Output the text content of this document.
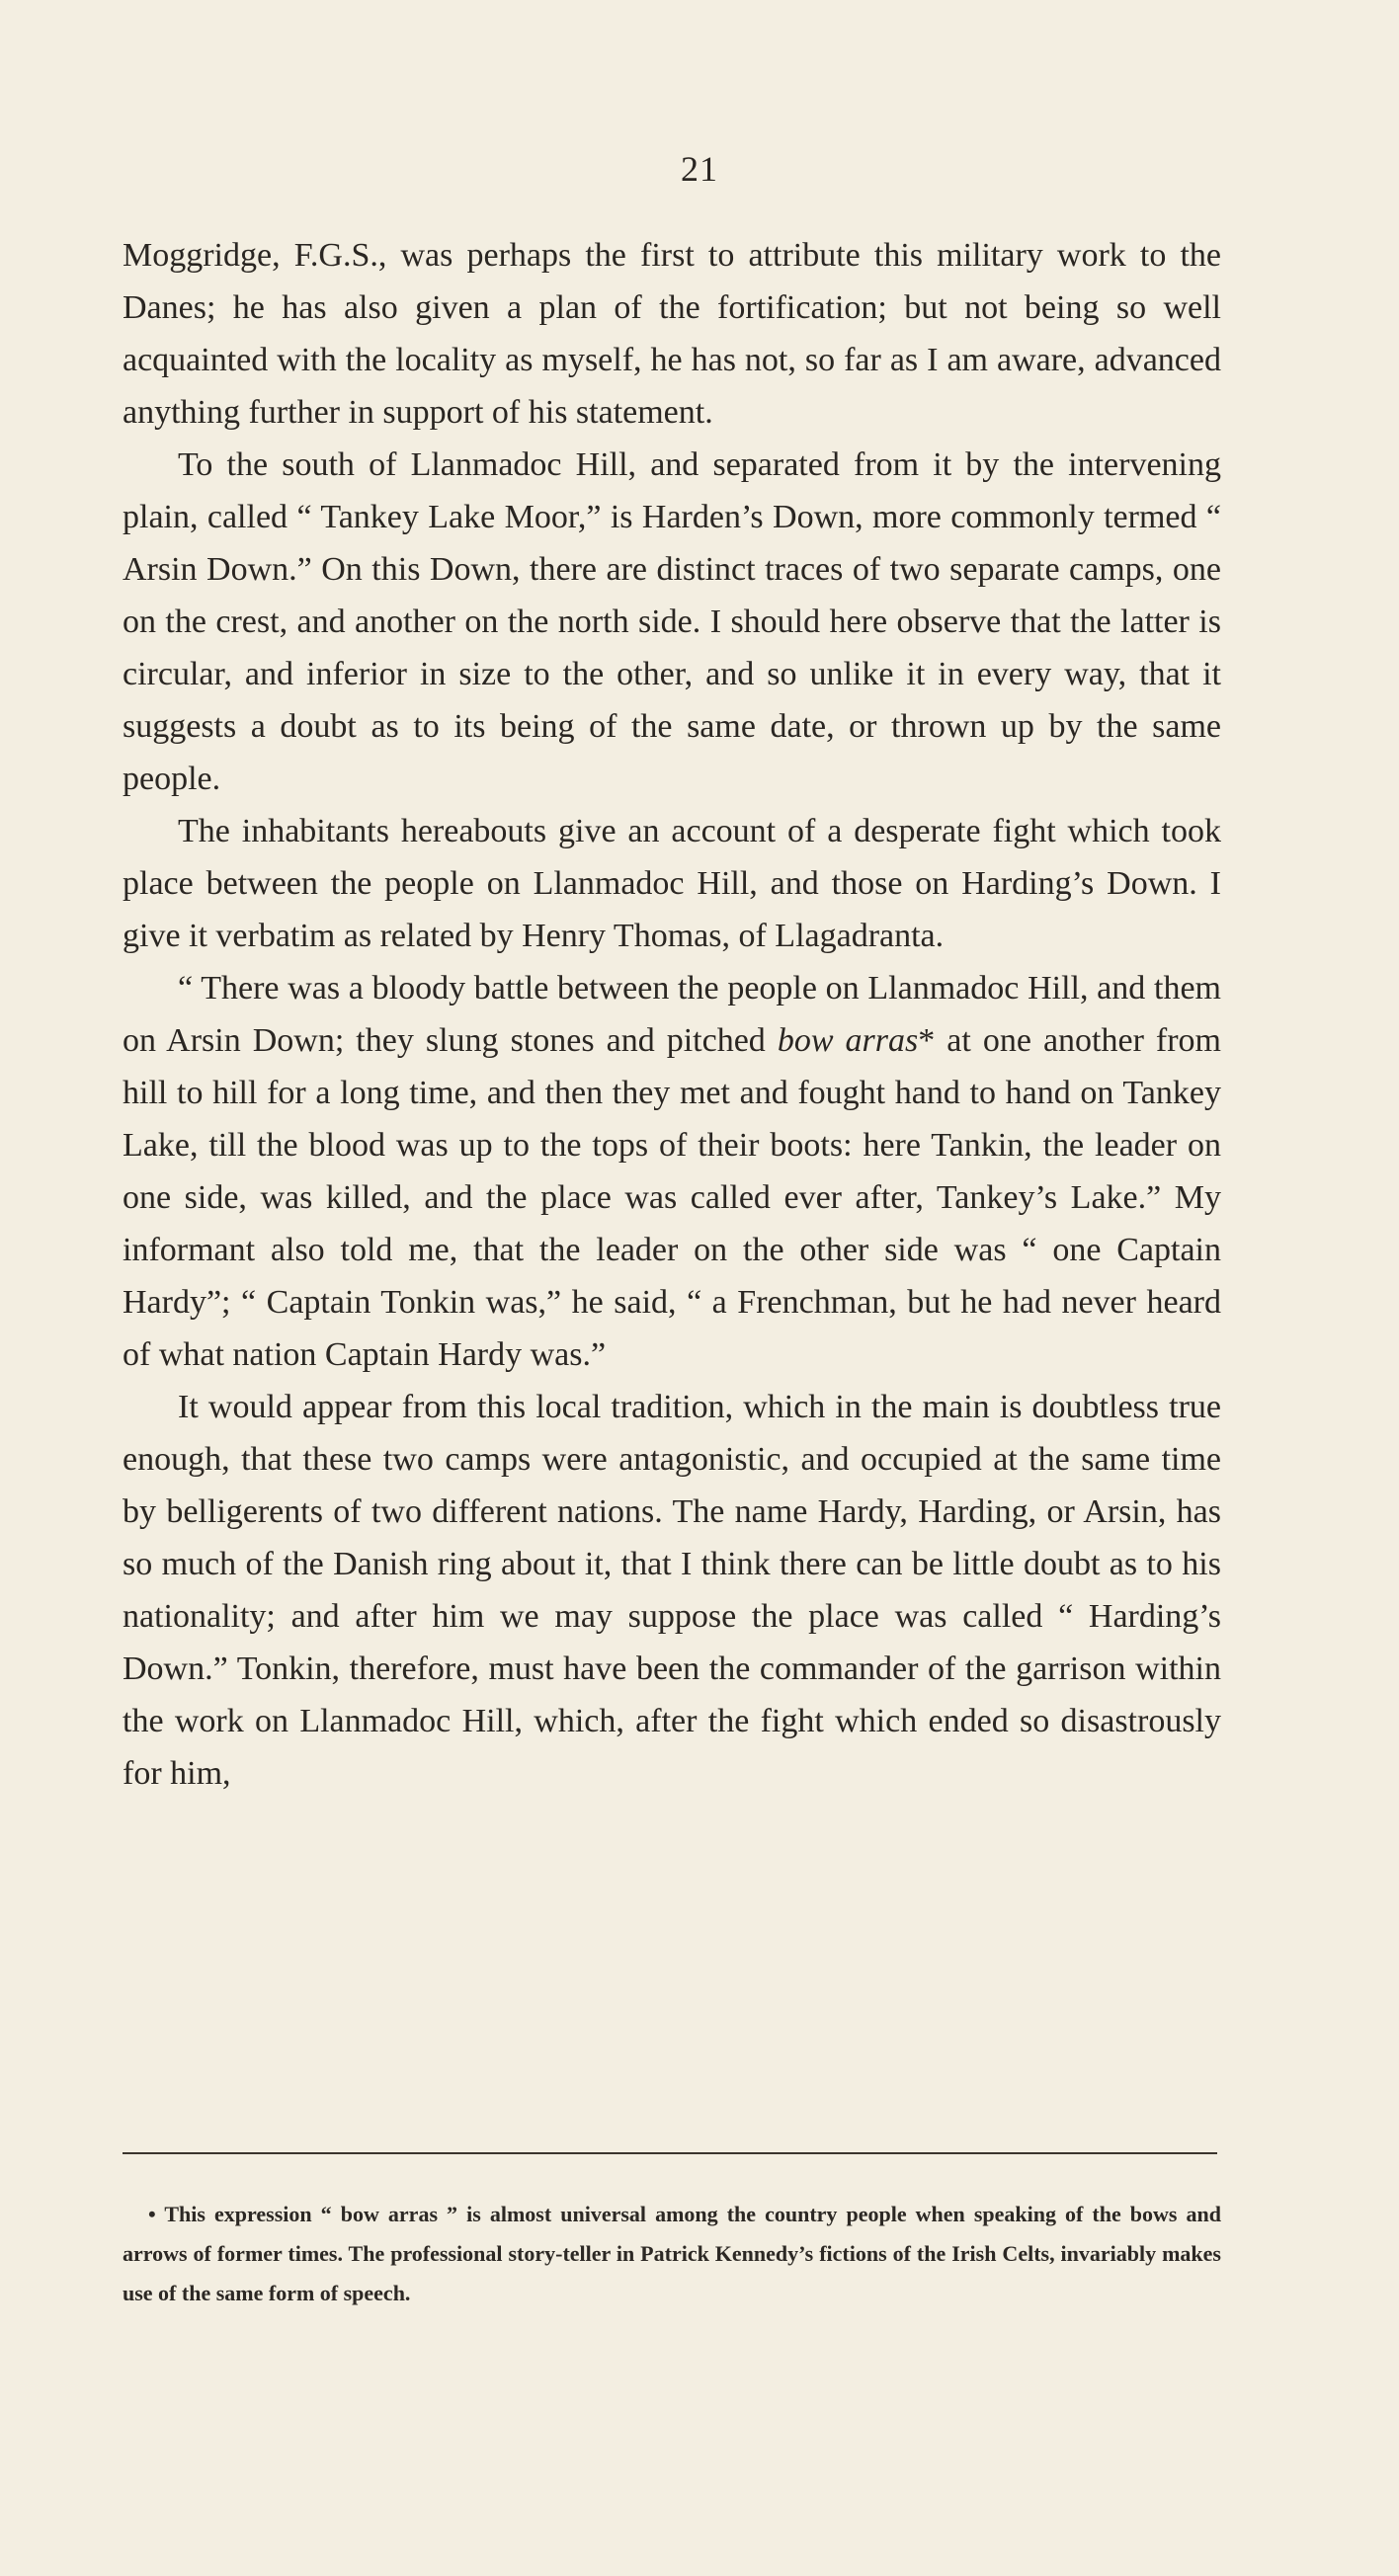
21

Moggridge, F.G.S., was perhaps the first to attribute this military work to the Danes; he has also given a plan of the fortification; but not being so well acquainted with the locality as myself, he has not, so far as I am aware, advanced anything further in support of his statement.

To the south of Llanmadoc Hill, and separated from it by the intervening plain, called “ Tankey Lake Moor,” is Harden’s Down, more commonly termed “ Arsin Down.” On this Down, there are distinct traces of two separate camps, one on the crest, and another on the north side. I should here observe that the latter is circular, and inferior in size to the other, and so unlike it in every way, that it suggests a doubt as to its being of the same date, or thrown up by the same people.

The inhabitants hereabouts give an account of a desperate fight which took place between the people on Llanmadoc Hill, and those on Harding’s Down. I give it verbatim as related by Henry Thomas, of Llagadranta.

“ There was a bloody battle between the people on Llanmadoc Hill, and them on Arsin Down; they slung stones and pitched bow arras* at one another from hill to hill for a long time, and then they met and fought hand to hand on Tankey Lake, till the blood was up to the tops of their boots: here Tankin, the leader on one side, was killed, and the place was called ever after, Tankey’s Lake.” My informant also told me, that the leader on the other side was “ one Captain Hardy”; “ Captain Tonkin was,” he said, “ a Frenchman, but he had never heard of what nation Captain Hardy was.”

It would appear from this local tradition, which in the main is doubtless true enough, that these two camps were antagonistic, and occupied at the same time by belligerents of two different nations. The name Hardy, Harding, or Arsin, has so much of the Danish ring about it, that I think there can be little doubt as to his nationality; and after him we may suppose the place was called “ Harding’s Down.” Tonkin, therefore, must have been the commander of the garrison within the work on Llanmadoc Hill, which, after the fight which ended so disastrously for him,

• This expression “ bow arras ” is almost universal among the country people when speaking of the bows and arrows of former times. The professional story-teller in Patrick Kennedy’s fictions of the Irish Celts, invariably makes use of the same form of speech.
